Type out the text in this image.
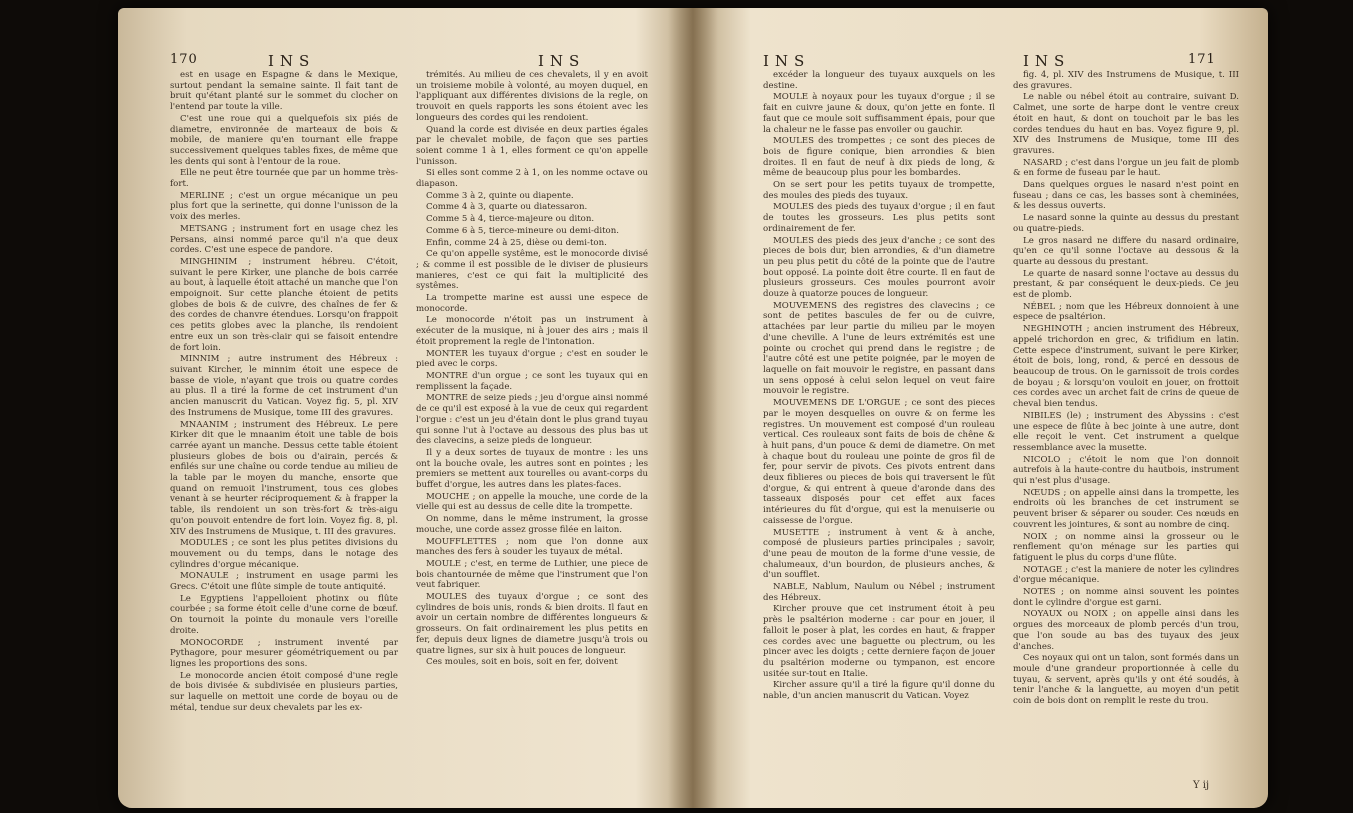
170	INS	INS

est en usage en Espagne & dans le Mexique, surtout pendant la semaine sainte. Il fait tant de bruit qu'étant planté sur le sommet du clocher on l'entend par toute la ville.

C'est une roue qui a quelquefois six piés de diametre, environnée de marteaux de bois & mobile, de maniere qu'en tournant elle frappe successivement quelques tables fixes, de même que les dents qui sont à l'entour de la roue.

Elle ne peut être tournée que par un homme très-fort.

MERLINE ; c'est un orgue mécanique un peu plus fort que la serinette, qui donne l'unisson de la voix des merles.

METSANG ; instrument fort en usage chez les Persans, ainsi nommé parce qu'il n'a que deux cordes. C'est une espece de pandore.

MINGHINIM ; instrument hébreu. C'étoit, suivant le pere Kirker, une planche de bois carrée au bout, à laquelle étoit attaché un manche que l'on empoignoit. Sur cette planche étoient de petits globes de bois & de cuivre, des chaînes de fer & des cordes de chanvre étendues. Lorsqu'on frappoit ces petits globes avec la planche, ils rendoient entre eux un son très-clair qui se faisoit entendre de fort loin.

MINNIM ; autre instrument des Hébreux : suivant Kircher, le minnim étoit une espece de basse de viole, n'ayant que trois ou quatre cordes au plus. Il a tiré la forme de cet instrument d'un ancien manuscrit du Vatican. Voyez fig. 5, pl. XIV des Instrumens de Musique, tome III des gravures.

MNAANIM ; instrument des Hébreux. Le pere Kirker dit que le mnaanim étoit une table de bois carrée ayant un manche. Dessus cette table étoient plusieurs globes de bois ou d'airain, percés & enfilés sur une chaîne ou corde tendue au milieu de la table par le moyen du manche, ensorte que quand on remuoit l'instrument, tous ces globes venant à se heurter réciproquement & à frapper la table, ils rendoient un son très-fort & très-aigu qu'on pouvoit entendre de fort loin. Voyez fig. 8, pl. XIV des Instrumens de Musique, t. III des gravures.

MODULES ; ce sont les plus petites divisions du mouvement ou du temps, dans le notage des cylindres d'orgue mécanique.

MONAULE ; instrument en usage parmi les Grecs. C'étoit une flûte simple de toute antiquité.

Le Egyptiens l'appelloient photinx ou flûte courbée ; sa forme étoit celle d'une corne de bœuf. On tournoit la pointe du monaule vers l'oreille droite.

MONOCORDE ; instrument inventé par Pythagore, pour mesurer géométriquement ou par lignes les proportions des sons.

Le monocorde ancien étoit composé d'une regle de bois divisée & subdivisée en plusieurs parties, sur laquelle on mettoit une corde de boyau ou de métal, tendue sur deux chevalets par les ex-

trémités. Au milieu de ces chevalets, il y en avoit un troisieme mobile à volonté, au moyen duquel, en l'appliquant aux différentes divisions de la regle, on trouvoit en quels rapports les sons étoient avec les longueurs des cordes qui les rendoient.

Quand la corde est divisée en deux parties égales par le chevalet mobile, de façon que ses parties soient comme 1 à 1, elles forment ce qu'on appelle l'unisson.

Si elles sont comme 2 à 1, on les nomme octave ou diapason.

Comme 3 à 2, quinte ou diapente.

Comme 4 à 3, quarte ou diatessaron.

Comme 5 à 4, tierce-majeure ou diton.

Comme 6 à 5, tierce-mineure ou demi-diton.

Enfin, comme 24 à 25, dièse ou demi-ton.

Ce qu'on appelle systême, est le monocorde divisé ; & comme il est possible de le diviser de plusieurs manieres, c'est ce qui fait la multiplicité des systêmes.

La trompette marine est aussi une espece de monocorde.

Le monocorde n'étoit pas un instrument à exécuter de la musique, ni à jouer des airs ; mais il étoit proprement la regle de l'intonation.

MONTER les tuyaux d'orgue ; c'est en souder le pied avec le corps.

MONTRE d'un orgue ; ce sont les tuyaux qui en remplissent la façade.

MONTRE de seize pieds ; jeu d'orgue ainsi nommé de ce qu'il est exposé à la vue de ceux qui regardent l'orgue : c'est un jeu d'étain dont le plus grand tuyau qui sonne l'ut à l'octave au dessous des plus bas ut des clavecins, a seize pieds de longueur.

Il y a deux sortes de tuyaux de montre : les uns ont la bouche ovale, les autres sont en pointes ; les premiers se mettent aux tourelles ou avant-corps du buffet d'orgue, les autres dans les plates-faces.

MOUCHE ; on appelle la mouche, une corde de la vielle qui est au dessus de celle dite la trompette.

On nomme, dans le même instrument, la grosse mouche, une corde assez grosse filée en laiton.

MOUFFLETTES ; nom que l'on donne aux manches des fers à souder les tuyaux de métal.

MOULE ; c'est, en terme de Luthier, une piece de bois chantournée de même que l'instrument que l'on veut fabriquer.

MOULES des tuyaux d'orgue ; ce sont des cylindres de bois unis, ronds & bien droits. Il faut en avoir un certain nombre de différentes longueurs & grosseurs. On fait ordinairement les plus petits en fer, depuis deux lignes de diametre jusqu'à trois ou quatre lignes, sur six à huit pouces de longueur.

Ces moules, soit en bois, soit en fer, doivent

INS	INS	171

excéder la longueur des tuyaux auxquels on les destine.

MOULE à noyaux pour les tuyaux d'orgue ; il se fait en cuivre jaune & doux, qu'on jette en fonte. Il faut que ce moule soit suffisamment épais, pour que la chaleur ne le fasse pas envoiler ou gauchir.

MOULES des trompettes ; ce sont des pieces de bois de figure conique, bien arrondies & bien droites. Il en faut de neuf à dix pieds de long, & même de beaucoup plus pour les bombardes.

On se sert pour les petits tuyaux de trompette, des moules des pieds des tuyaux.

MOULES des pieds des tuyaux d'orgue ; il en faut de toutes les grosseurs. Les plus petits sont ordinairement de fer.

MOULES des pieds des jeux d'anche ; ce sont des pieces de bois dur, bien arrondies, & d'un diametre un peu plus petit du côté de la pointe que de l'autre bout opposé. La pointe doit être courte. Il en faut de plusieurs grosseurs. Ces moules pourront avoir douze à quatorze pouces de longueur.

MOUVEMENS des registres des clavecins ; ce sont de petites bascules de fer ou de cuivre, attachées par leur partie du milieu par le moyen d'une cheville. A l'une de leurs extrémités est une pointe ou crochet qui prend dans le registre ; de l'autre côté est une petite poignée, par le moyen de laquelle on fait mouvoir le registre, en passant dans un sens opposé à celui selon lequel on veut faire mouvoir le registre.

MOUVEMENS DE L'ORGUE ; ce sont des pieces par le moyen desquelles on ouvre & on ferme les registres. Un mouvement est composé d'un rouleau vertical. Ces rouleaux sont faits de bois de chêne & à huit pans, d'un pouce & demi de diametre. On met à chaque bout du rouleau une pointe de gros fil de fer, pour servir de pivots. Ces pivots entrent dans deux fiblieres ou pieces de bois qui traversent le fût d'orgue, & qui entrent à queue d'aronde dans des tasseaux disposés pour cet effet aux faces intérieures du fût d'orgue, qui est la menuiserie ou caissesse de l'orgue.

MUSETTE ; instrument à vent & à anche, composé de plusieurs parties principales ; savoir, d'une peau de mouton de la forme d'une vessie, de chalumeaux, d'un bourdon, de plusieurs anches, & d'un soufflet.

NABLE, Nablum, Naulum ou Nébel ; instrument des Hébreux.

Kircher prouve que cet instrument étoit à peu près le psaltérion moderne : car pour en jouer, il falloit le poser à plat, les cordes en haut, & frapper ces cordes avec une baguette ou plectrum, ou les pincer avec les doigts ; cette derniere façon de jouer du psaltérion moderne ou tympanon, est encore usitée sur-tout en Italie.

Kircher assure qu'il a tiré la figure qu'il donne du nable, d'un ancien manuscrit du Vatican. Voyez

fig. 4, pl. XIV des Instrumens de Musique, t. III des gravures.

Le nable ou nébel étoit au contraire, suivant D. Calmet, une sorte de harpe dont le ventre creux étoit en haut, & dont on touchoit par le bas les cordes tendues du haut en bas. Voyez figure 9, pl. XIV des Instrumens de Musique, tome III des gravures.

NASARD ; c'est dans l'orgue un jeu fait de plomb & en forme de fuseau par le haut.

Dans quelques orgues le nasard n'est point en fuseau ; dans ce cas, les basses sont à cheminées, & les dessus ouverts.

Le nasard sonne la quinte au dessus du prestant ou quatre-pieds.

Le gros nasard ne differe du nasard ordinaire, qu'en ce qu'il sonne l'octave au dessous & la quarte au dessous du prestant.

Le quarte de nasard sonne l'octave au dessus du prestant, & par conséquent le deux-pieds. Ce jeu est de plomb.

NÉBEL ; nom que les Hébreux donnoient à une espece de psaltérion.

NEGHINOTH ; ancien instrument des Hébreux, appelé trichordon en grec, & trifidium en latin. Cette espece d'instrument, suivant le pere Kirker, étoit de bois, long, rond, & percé en dessous de beaucoup de trous. On le garnissoit de trois cordes de boyau ; & lorsqu'on vouloit en jouer, on frottoit ces cordes avec un archet fait de crins de queue de cheval bien tendus.

NIBILES (le) ; instrument des Abyssins : c'est une espece de flûte à bec jointe à une autre, dont elle reçoit le vent. Cet instrument a quelque ressemblance avec la musette.

NICOLO ; c'étoit le nom que l'on donnoit autrefois à la haute-contre du hautbois, instrument qui n'est plus d'usage.

NŒUDS ; on appelle ainsi dans la trompette, les endroits où les branches de cet instrument se peuvent briser & séparer ou souder. Ces nœuds en couvrent les jointures, & sont au nombre de cinq.

NOIX ; on nomme ainsi la grosseur ou le renflement qu'on ménage sur les parties qui fatiguent le plus du corps d'une flûte.

NOTAGE ; c'est la maniere de noter les cylindres d'orgue mécanique.

NOTES ; on nomme ainsi souvent les pointes dont le cylindre d'orgue est garni.

NOYAUX ou NOIX ; on appelle ainsi dans les orgues des morceaux de plomb percés d'un trou, que l'on soude au bas des tuyaux des jeux d'anches.

Ces noyaux qui ont un talon, sont formés dans un moule d'une grandeur proportionnée à celle du tuyau, & servent, après qu'ils y ont été soudés, à tenir l'anche & la languette, au moyen d'un petit coin de bois dont on remplit le reste du trou.

Y ij
